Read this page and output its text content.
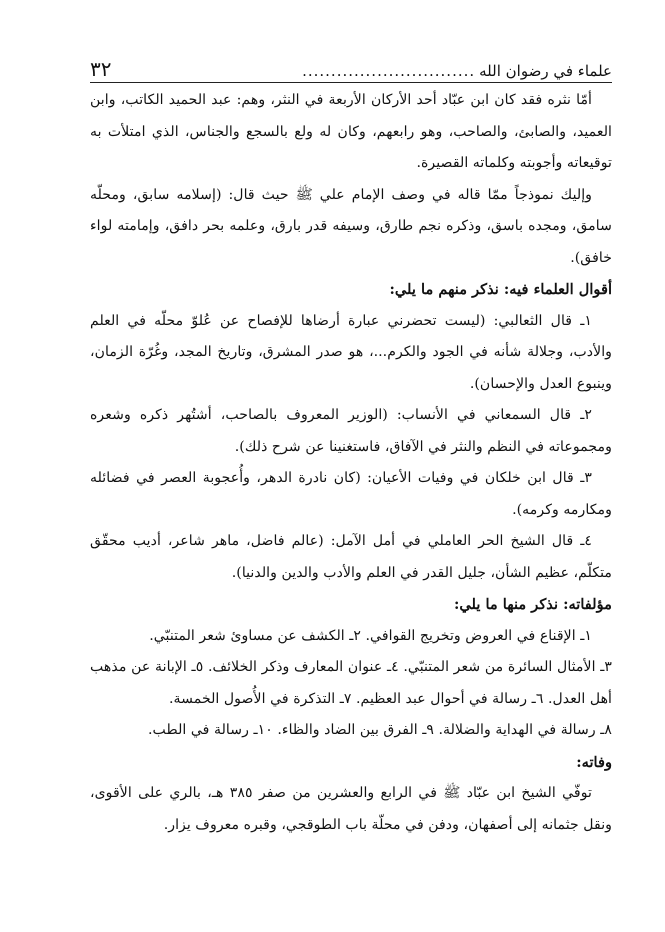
علماء في رضوان الله
..............................
٣٢

أمّا نثره فقد كان ابن عبّاد أحد الأركان الأربعة في النثر، وهم: عبد الحميد الكاتب، وابن العميد، والصابئ، والصاحب، وهو رابعهم، وكان له ولع بالسجع والجناس، الذي امتلأت به توقيعاته وأجوبته وكلماته القصيرة.

وإليك نموذجاً ممّا قاله في وصف الإمام علي ﷺ حيث قال: (إسلامه سابق، ومحلّه سامق، ومجده باسق، وذكره نجم طارق، وسيفه قدر بارق، وعلمه بحر دافق، وإمامته لواء خافق).

أقوال العلماء فيه: نذكر منهم ما يلي:

١ـ قال الثعالبي: (ليست تحضرني عبارة أرضاها للإفصاح عن عُلوّ محلّه في العلم والأدب، وجلالة شأنه في الجود والكرم...، هو صدر المشرق، وتاريخ المجد، وغُرّة الزمان، وينبوع العدل والإحسان).

٢ـ قال السمعاني في الأنساب: (الوزير المعروف بالصاحب، أشتُهر ذكره وشعره ومجموعاته في النظم والنثر في الآفاق، فاستغنينا عن شرح ذلك).

٣ـ قال ابن خلكان في وفيات الأعيان: (كان نادرة الدهر، وأُعجوبة العصر في فضائله ومكارمه وكرمه).

٤ـ قال الشيخ الحر العاملي في أمل الآمل: (عالم فاضل، ماهر شاعر، أديب محقّق متكلّم، عظيم الشأن، جليل القدر في العلم والأدب والدين والدنيا).

مؤلفاته: نذكر منها ما يلي:

١ـ الإقناع في العروض وتخريج القوافي. ٢ـ الكشف عن مساوئ شعر المتنبّي.

٣ـ الأمثال السائرة من شعر المتنبّي. ٤ـ عنوان المعارف وذكر الخلائف. ٥ـ الإبانة عن مذهب أهل العدل. ٦ـ رسالة في أحوال عبد العظيم. ٧ـ التذكرة في الأُصول الخمسة.

٨ـ رسالة في الهداية والضلالة. ٩ـ الفرق بين الضاد والظاء. ١٠ـ رسالة في الطب.

وفاته:

توفّي الشيخ ابن عبّاد ﷺ في الرابع والعشرين من صفر ٣٨٥ هـ، بالري على الأقوى، ونقل جثمانه إلى أصفهان، ودفن في محلّة باب الطوقجي، وقبره معروف يزار.
